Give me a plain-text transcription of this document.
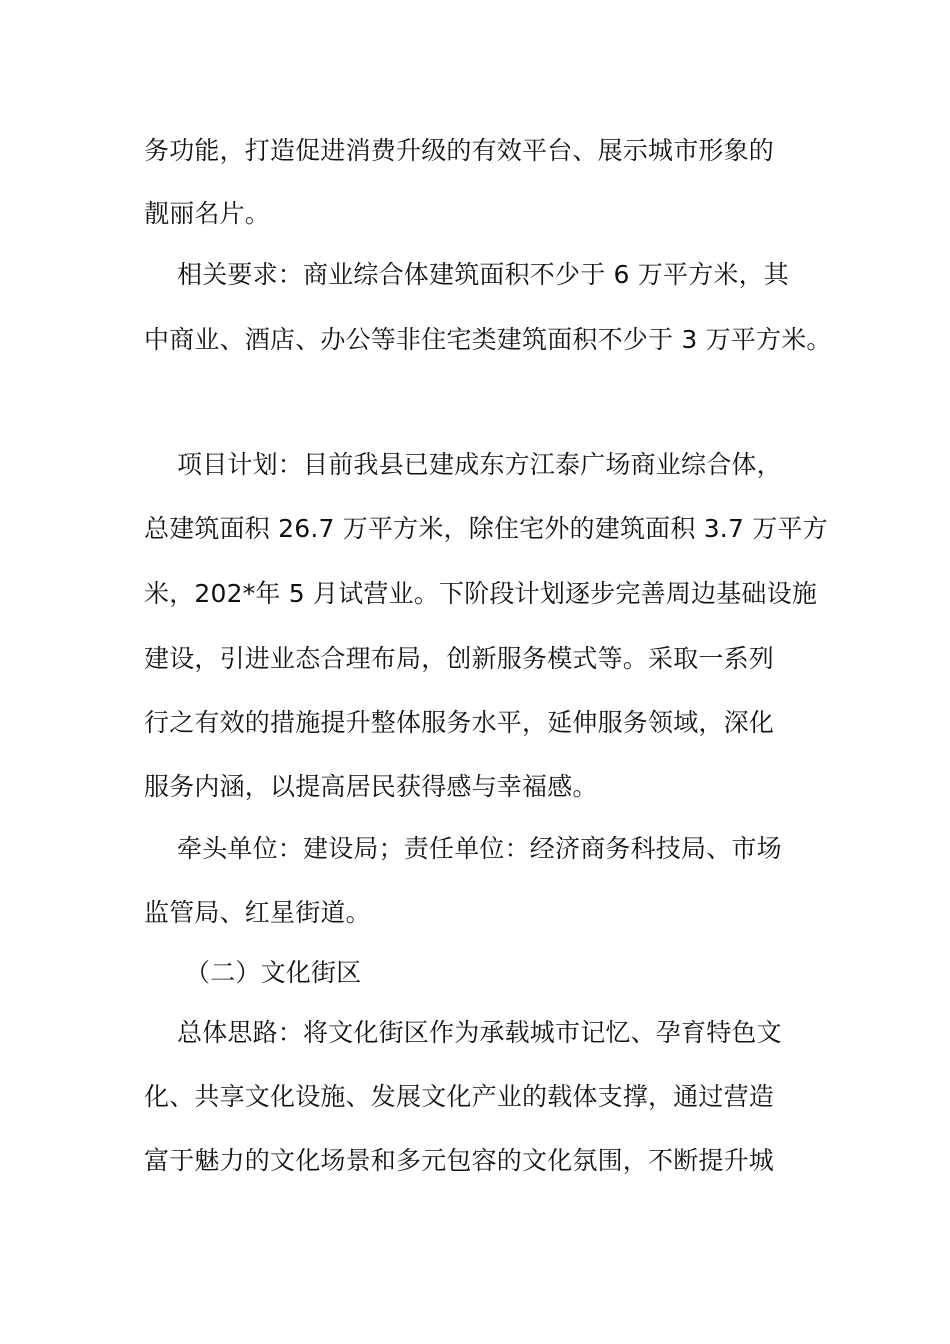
务功能，打造促进消费升级的有效平台、展示城市形象的
靓丽名片。
相关要求：商业综合体建筑面积不少于 6 万平方米，其
中商业、酒店、办公等非住宅类建筑面积不少于 3 万平方米。
项目计划：目前我县已建成东方江泰广场商业综合体，
总建筑面积 26.7 万平方米，除住宅外的建筑面积 3.7 万平方
米，202*年 5 月试营业。下阶段计划逐步完善周边基础设施
建设，引进业态合理布局，创新服务模式等。采取一系列
行之有效的措施提升整体服务水平，延伸服务领域，深化
服务内涵，以提高居民获得感与幸福感。
牵头单位：建设局；责任单位：经济商务科技局、市场
监管局、红星街道。
（二）文化街区
总体思路：将文化街区作为承载城市记忆、孕育特色文
化、共享文化设施、发展文化产业的载体支撑，通过营造
富于魅力的文化场景和多元包容的文化氛围，不断提升城
